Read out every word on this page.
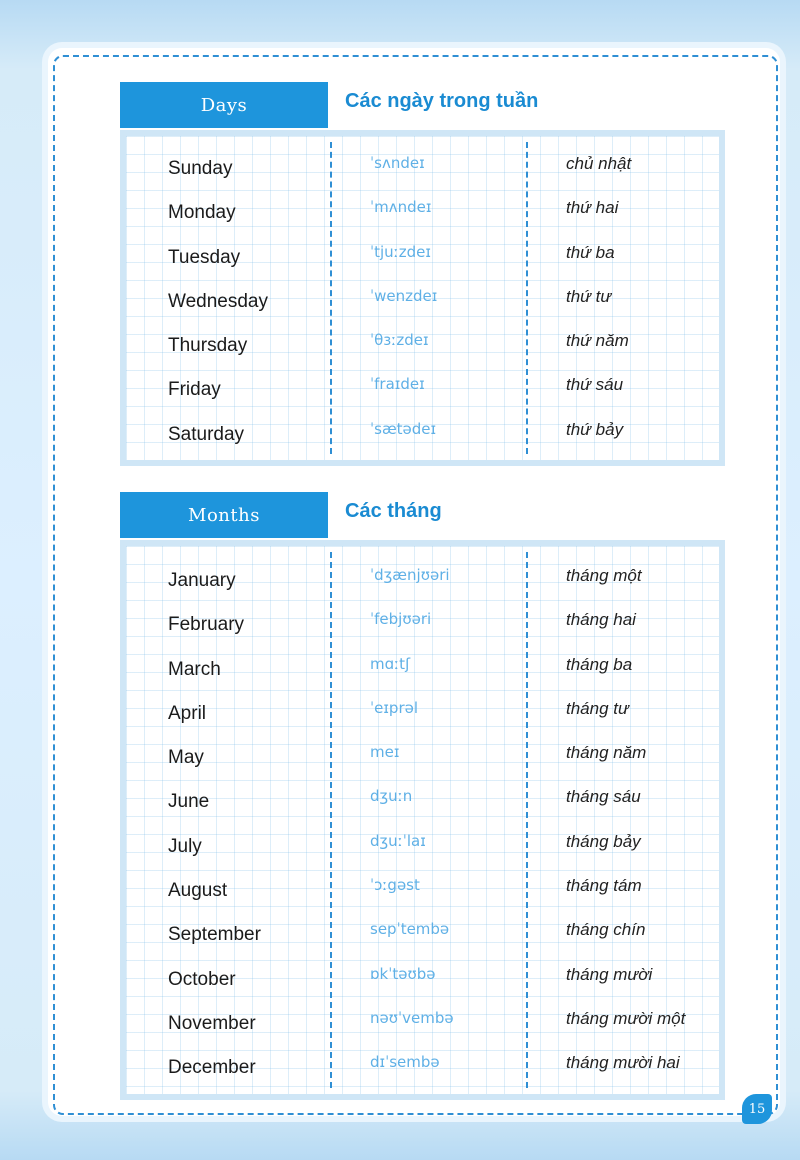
Days	Các ngày trong tuần
Sunday	ˈsʌndeɪ	chủ nhật
Monday	ˈmʌndeɪ	thứ hai
Tuesday	ˈtjuːzdeɪ	thứ ba
Wednesday	ˈwenzdeɪ	thứ tư
Thursday	ˈθɜːzdeɪ	thứ năm
Friday	ˈfraɪdeɪ	thứ sáu
Saturday	ˈsætədeɪ	thứ bảy
Months	Các tháng
January	ˈdʒænjʊəri	tháng một
February	ˈfebjʊəri	tháng hai
March	mɑːtʃ	tháng ba
April	ˈeɪprəl	tháng tư
May	meɪ	tháng năm
June	dʒuːn	tháng sáu
July	dʒuːˈlaɪ	tháng bảy
August	ˈɔːgəst	tháng tám
September	sepˈtembə	tháng chín
October	ɒkˈtəʊbə	tháng mười
November	nəʊˈvembə	tháng mười một
December	dɪˈsembə	tháng mười hai
15
